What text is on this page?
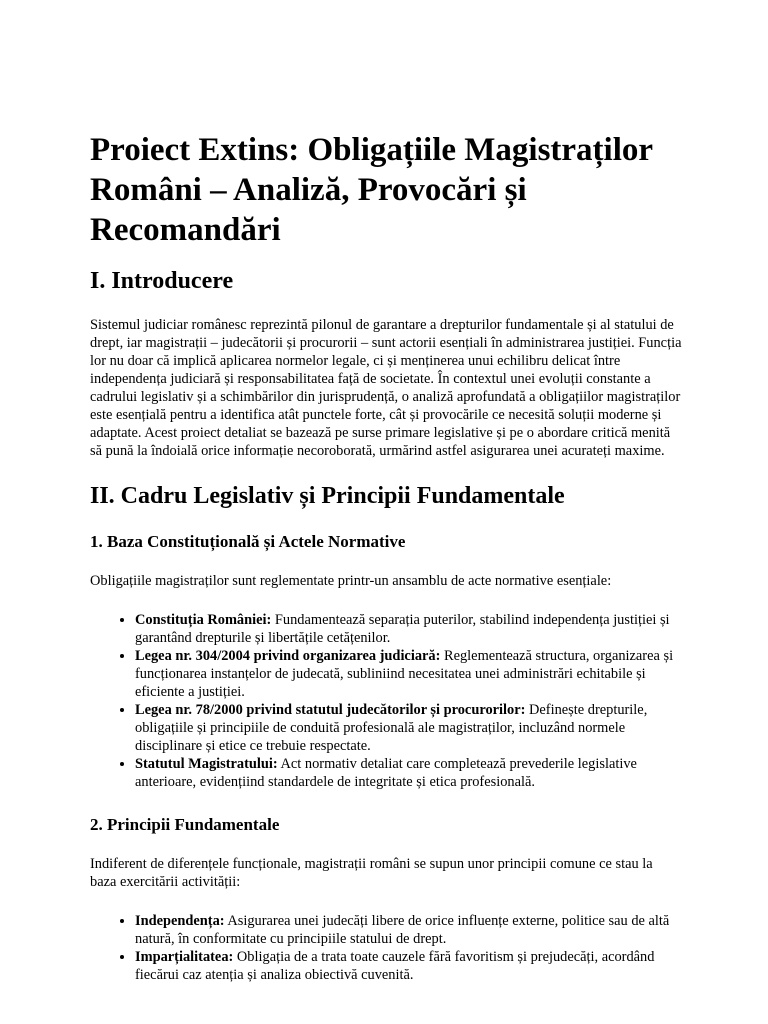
Proiect Extins: Obligațiile Magistraților Români – Analiză, Provocări și Recomandări
I. Introducere

Sistemul judiciar românesc reprezintă pilonul de garantare a drepturilor fundamentale și al statului de drept, iar magistrații – judecătorii și procurorii – sunt actorii esențiali în administrarea justiției. Funcția lor nu doar că implică aplicarea normelor legale, ci și menținerea unui echilibru delicat între independența judiciară și responsabilitatea față de societate. În contextul unei evoluții constante a cadrului legislativ și a schimbărilor din jurisprudență, o analiză aprofundată a obligațiilor magistraților este esențială pentru a identifica atât punctele forte, cât și provocările ce necesită soluții moderne și adaptate. Acest proiect detaliat se bazează pe surse primare legislative și pe o abordare critică menită să pună la îndoială orice informație necoroborată, urmărind astfel asigurarea unei acurateți maxime.

II. Cadru Legislativ și Principii Fundamentale
1. Baza Constituțională și Actele Normative

Obligațiile magistraților sunt reglementate printr-un ansamblu de acte normative esențiale:

• Constituția României: Fundamentează separația puterilor, stabilind independența justiției și garantând drepturile și libertățile cetățenilor.
• Legea nr. 304/2004 privind organizarea judiciară: Reglementează structura, organizarea și funcționarea instanțelor de judecată, subliniind necesitatea unei administrări echitabile și eficiente a justiției.
• Legea nr. 78/2000 privind statutul judecătorilor și procurorilor: Definește drepturile, obligațiile și principiile de conduită profesională ale magistraților, incluzând normele disciplinare și etice ce trebuie respectate.
• Statutul Magistratului: Act normativ detaliat care completează prevederile legislative anterioare, evidențiind standardele de integritate și etica profesională.
2. Principii Fundamentale

Indiferent de diferențele funcționale, magistrații români se supun unor principii comune ce stau la baza exercitării activității:

• Independența: Asigurarea unei judecăți libere de orice influențe externe, politice sau de altă natură, în conformitate cu principiile statului de drept.
• Imparțialitatea: Obligația de a trata toate cauzele fără favoritism și prejudecăți, acordând fiecărui caz atenția și analiza obiectivă cuvenită.
